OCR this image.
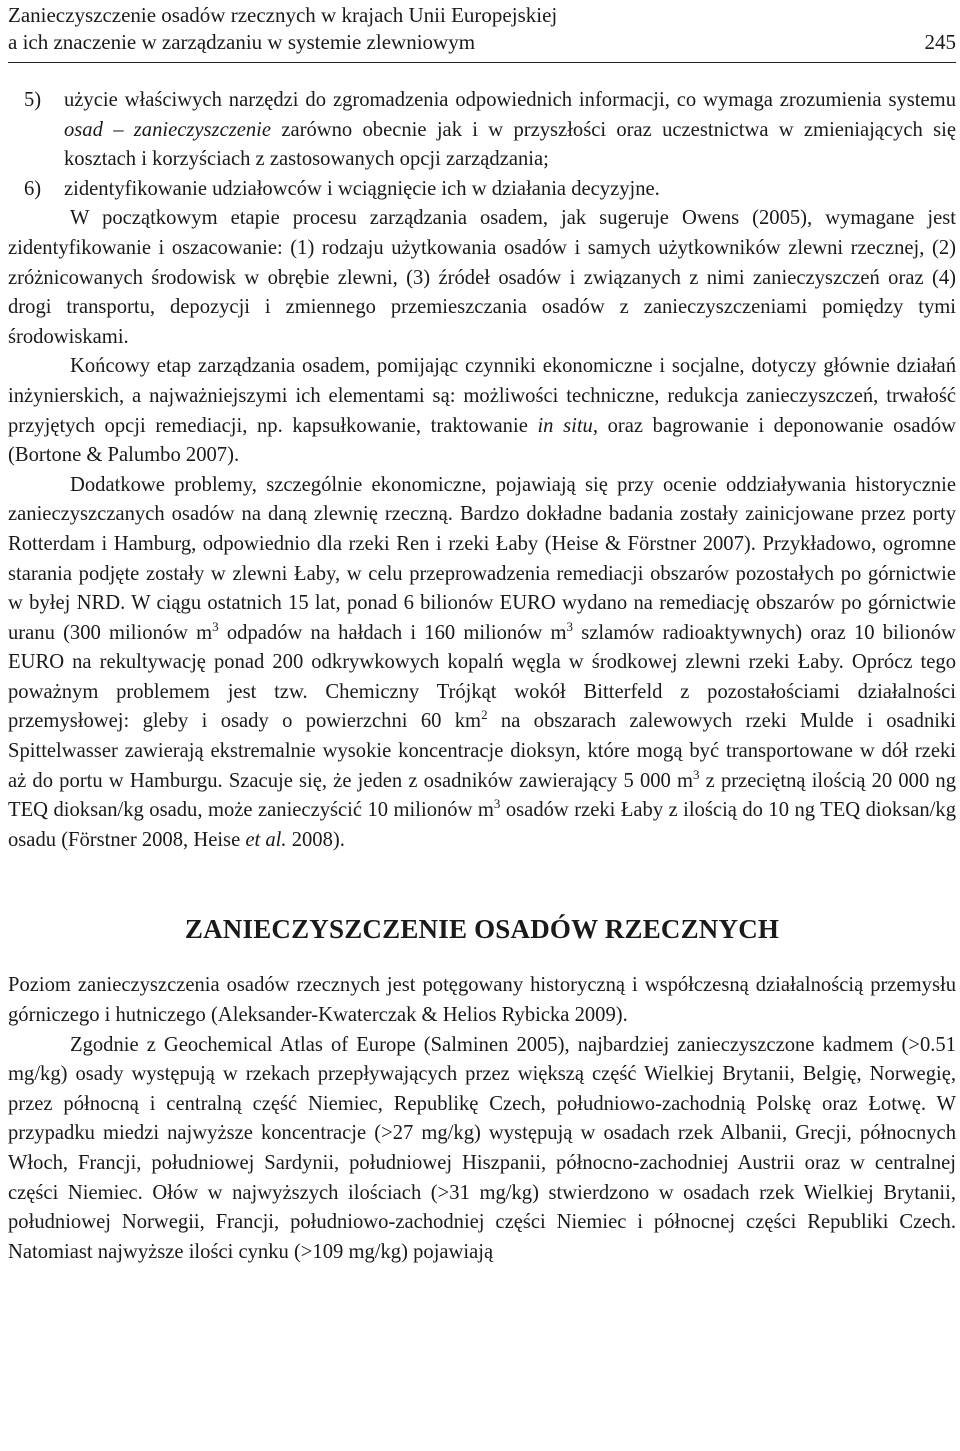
Zanieczyszczenie osadów rzecznych w krajach Unii Europejskiej
a ich znaczenie w zarządzaniu w systemie zlewniowym	245
5) użycie właściwych narzędzi do zgromadzenia odpowiednich informacji, co wymaga zrozumienia systemu osad – zanieczyszczenie zarówno obecnie jak i w przyszłości oraz uczestnictwa w zmieniających się kosztach i korzyściach z zastosowanych opcji zarządzania;
6) zidentyfikowanie udziałowców i wciągnięcie ich w działania decyzyjne.

W początkowym etapie procesu zarządzania osadem, jak sugeruje Owens (2005), wymagane jest zidentyfikowanie i oszacowanie: (1) rodzaju użytkowania osadów i samych użytkowników zlewni rzecznej, (2) zróżnicowanych środowisk w obrębie zlewni, (3) źródeł osadów i związanych z nimi zanieczyszczeń oraz (4) drogi transportu, depozycji i zmiennego przemieszczania osadów z zanieczyszczeniami pomiędzy tymi środowiskami.

Końcowy etap zarządzania osadem, pomijając czynniki ekonomiczne i socjalne, dotyczy głównie działań inżynierskich, a najważniejszymi ich elementami są: możliwości techniczne, redukcja zanieczyszczeń, trwałość przyjętych opcji remediacji, np. kapsułkowanie, traktowanie in situ, oraz bagrowanie i deponowanie osadów (Bortone & Palumbo 2007).

Dodatkowe problemy, szczególnie ekonomiczne, pojawiają się przy ocenie oddziaływania historycznie zanieczyszczanych osadów na daną zlewnię rzeczną. Bardzo dokładne badania zostały zainicjowane przez porty Rotterdam i Hamburg, odpowiednio dla rzeki Ren i rzeki Łaby (Heise & Förstner 2007). Przykładowo, ogromne starania podjęte zostały w zlewni Łaby, w celu przeprowadzenia remediacji obszarów pozostałych po górnictwie w byłej NRD. W ciągu ostatnich 15 lat, ponad 6 bilionów EURO wydano na remediację obszarów po górnictwie uranu (300 milionów $m^3$ odpadów na hałdach i 160 milionów $m^3$ szlamów radioaktywnych) oraz 10 bilionów EURO na rekultywację ponad 200 odkrywkowych kopalń węgla w środkowej zlewni rzeki Łaby. Oprócz tego poważnym problemem jest tzw. Chemiczny Trójkąt wokół Bitterfeld z pozostałościami działalności przemysłowej: gleby i osady o powierzchni 60 $km^2$ na obszarach zalewowych rzeki Mulde i osadniki Spittelwasser zawierają ekstremalnie wysokie koncentracje dioksyn, które mogą być transportowane w dół rzeki aż do portu w Hamburgu. Szacuje się, że jeden z osadników zawierający 5 000 $m^3$ z przeciętną ilością 20 000 ng TEQ dioksan/kg osadu, może zanieczyścić 10 milionów $m^3$ osadów rzeki Łaby z ilością do 10 ng TEQ dioksan/kg osadu (Förstner 2008, Heise et al. 2008).

ZANIECZYSZCZENIE OSADÓW RZECZNYCH

Poziom zanieczyszczenia osadów rzecznych jest potęgowany historyczną i współczesną działalnością przemysłu górniczego i hutniczego (Aleksander-Kwaterczak & Helios Rybicka 2009).

Zgodnie z Geochemical Atlas of Europe (Salminen 2005), najbardziej zanieczyszczone kadmem (>0.51 mg/kg) osady występują w rzekach przepływających przez większą część Wielkiej Brytanii, Belgię, Norwegię, przez północną i centralną część Niemiec, Republikę Czech, południowo-zachodnią Polskę oraz Łotwę. W przypadku miedzi najwyższe koncentracje (>27 mg/kg) występują w osadach rzek Albanii, Grecji, północnych Włoch, Francji, południowej Sardynii, południowej Hiszpanii, północno-zachodniej Austrii oraz w centralnej części Niemiec. Ołów w najwyższych ilościach (>31 mg/kg) stwierdzono w osadach rzek Wielkiej Brytanii, południowej Norwegii, Francji, południowo-zachodniej części Niemiec i północnej części Republiki Czech. Natomiast najwyższe ilości cynku (>109 mg/kg) pojawiają
